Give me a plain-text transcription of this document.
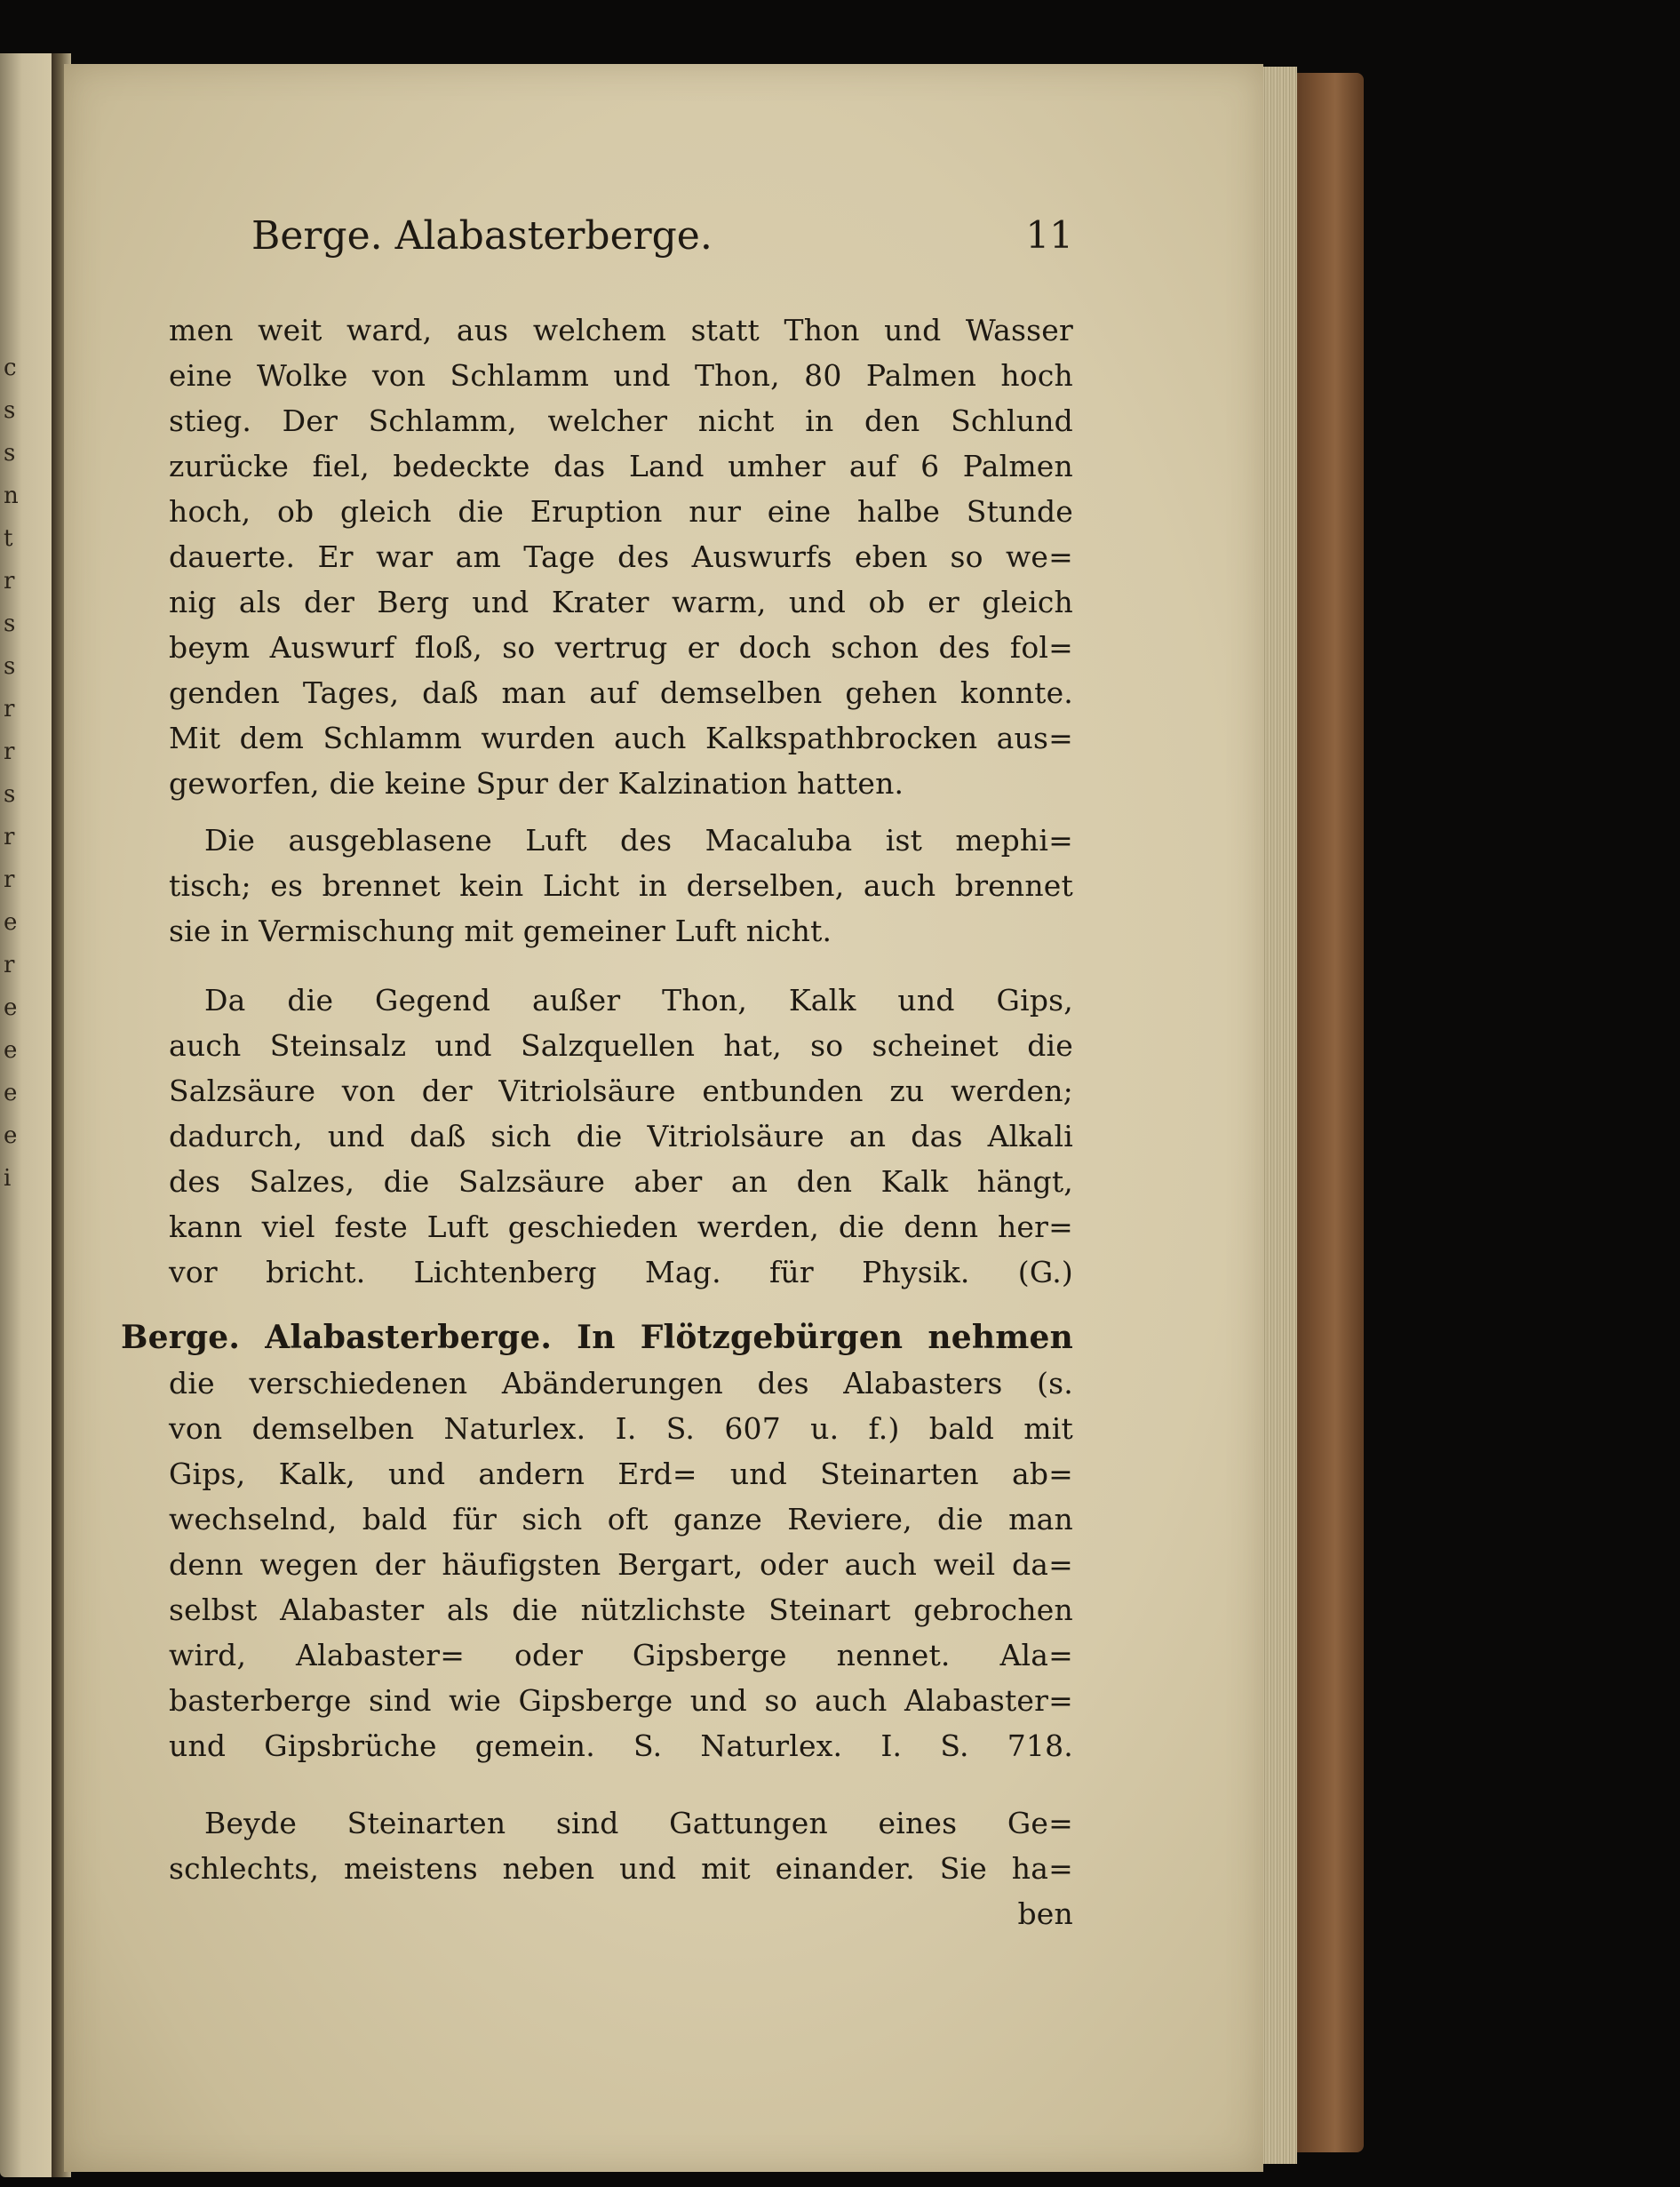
c
s
s
n
t
r
s
s
r
r
s
r
r
e
r
e
e
e
e
i
Berge. Alabasterberge.	11
men weit ward, aus welchem statt Thon und Wasser
eine Wolke von Schlamm und Thon, 80 Palmen hoch
stieg. Der Schlamm, welcher nicht in den Schlund
zurücke fiel, bedeckte das Land umher auf 6 Palmen
hoch, ob gleich die Eruption nur eine halbe Stunde
dauerte. Er war am Tage des Auswurfs eben so we=
nig als der Berg und Krater warm, und ob er gleich
beym Auswurf floß, so vertrug er doch schon des fol=
genden Tages, daß man auf demselben gehen konnte.
Mit dem Schlamm wurden auch Kalkspathbrocken aus=
geworfen, die keine Spur der Kalzination hatten.
Die ausgeblasene Luft des Macaluba ist mephi=
tisch; es brennet kein Licht in derselben, auch brennet
sie in Vermischung mit gemeiner Luft nicht.
Da die Gegend außer Thon, Kalk und Gips,
auch Steinsalz und Salzquellen hat, so scheinet die
Salzsäure von der Vitriolsäure entbunden zu werden;
dadurch, und daß sich die Vitriolsäure an das Alkali
des Salzes, die Salzsäure aber an den Kalk hängt,
kann viel feste Luft geschieden werden, die denn her=
vor bricht. Lichtenberg Mag. für Physik. (G.)
Berge. Alabasterberge. In Flötzgebürgen nehmen
die verschiedenen Abänderungen des Alabasters (s.
von demselben Naturlex. I. S. 607 u. f.) bald mit
Gips, Kalk, und andern Erd= und Steinarten ab=
wechselnd, bald für sich oft ganze Reviere, die man
denn wegen der häufigsten Bergart, oder auch weil da=
selbst Alabaster als die nützlichste Steinart gebrochen
wird, Alabaster= oder Gipsberge nennet. Ala=
basterberge sind wie Gipsberge und so auch Alabaster=
und Gipsbrüche gemein. S. Naturlex. I. S. 718.
Beyde Steinarten sind Gattungen eines Ge=
schlechts, meistens neben und mit einander. Sie ha=
ben
